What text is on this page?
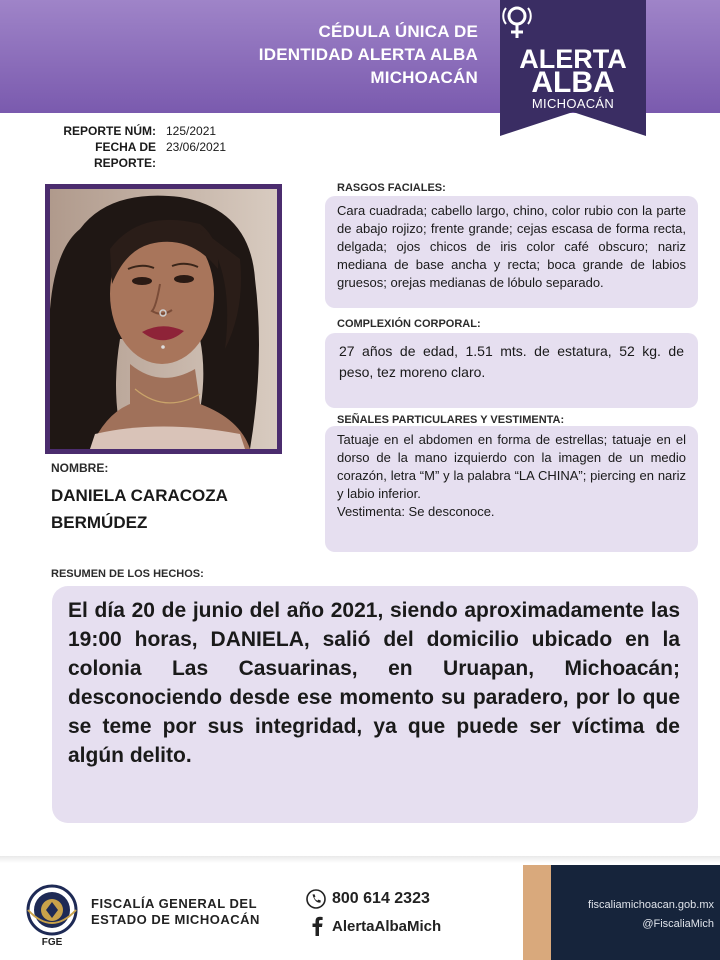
CÉDULA ÚNICA DE
IDENTIDAD ALERTA ALBA
MICHOACÁN
ALERTA
ALBA
MICHOACÁN
REPORTE NÚM: 125/2021
FECHA DE REPORTE:
23/06/2021
NOMBRE:
DANIELA CARACOZA
BERMÚDEZ
RASGOS FACIALES:

Cara cuadrada; cabello largo, chino, color rubio con la parte de abajo rojizo; frente grande; cejas escasa de forma recta, delgada; ojos chicos de iris color café obscuro; nariz mediana de base ancha y recta; boca grande de labios gruesos; orejas medianas de lóbulo separado.

COMPLEXIÓN CORPORAL:

27 años de edad, 1.51 mts. de estatura, 52 kg. de peso, tez moreno claro.

SEÑALES PARTICULARES Y VESTIMENTA:

Tatuaje en el abdomen en forma de estrellas; tatuaje en el dorso de la mano izquierdo con la imagen de un medio corazón, letra “M” y la palabra “LA CHINA”; piercing en nariz y labio inferior.

Vestimenta: Se desconoce.

RESUMEN DE LOS HECHOS:

El día 20 de junio del año 2021, siendo aproximadamente las 19:00 horas, DANIELA, salió del domicilio ubicado en la colonia Las Casuarinas, en Uruapan, Michoacán; desconociendo desde ese momento su paradero, por lo que se teme por sus integridad, ya que puede ser víctima de algún delito.

FGE
FISCALÍA GENERAL DEL
ESTADO DE MICHOACÁN
800 614 2323
AlertaAlbaMich
fiscaliamichoacan.gob.mx
@FiscaliaMich
